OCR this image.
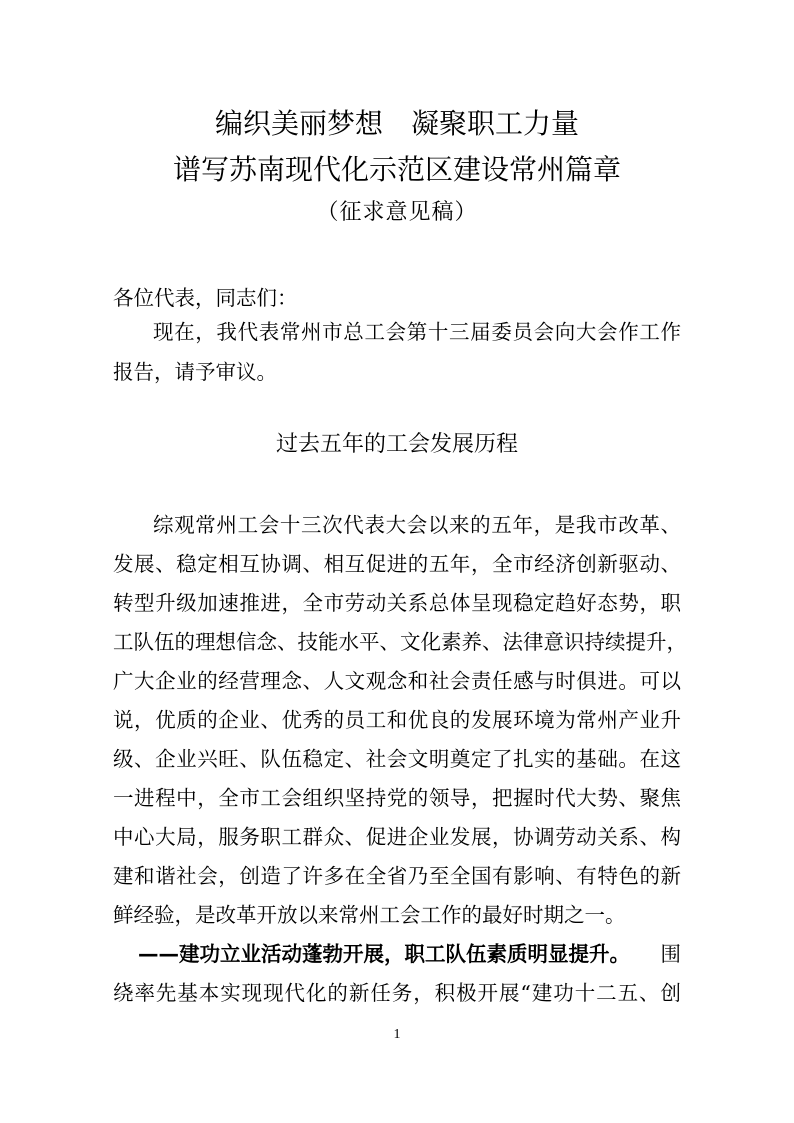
编织美丽梦想　凝聚职工力量
谱写苏南现代化示范区建设常州篇章
（征求意见稿）
各位代表，同志们：
现在，我代表常州市总工会第十三届委员会向大会作工作
报告，请予审议。
过去五年的工会发展历程
综观常州工会十三次代表大会以来的五年，是我市改革、
发展、稳定相互协调、相互促进的五年，全市经济创新驱动、
转型升级加速推进，全市劳动关系总体呈现稳定趋好态势，职
工队伍的理想信念、技能水平、文化素养、法律意识持续提升，
广大企业的经营理念、人文观念和社会责任感与时俱进。可以
说，优质的企业、优秀的员工和优良的发展环境为常州产业升
级、企业兴旺、队伍稳定、社会文明奠定了扎实的基础。在这
一进程中，全市工会组织坚持党的领导，把握时代大势、聚焦
中心大局，服务职工群众、促进企业发展，协调劳动关系、构
建和谐社会，创造了许多在全省乃至全国有影响、有特色的新
鲜经验，是改革开放以来常州工会工作的最好时期之一。
——建功立业活动蓬勃开展，职工队伍素质明显提升。 围
绕率先基本实现现代化的新任务，积极开展“建功十二五、创
1
